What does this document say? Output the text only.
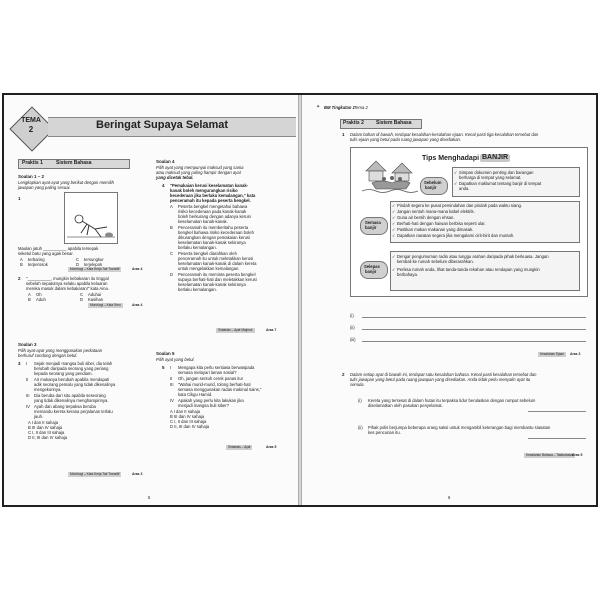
TEMA
2	Beringat Supaya Selamat
Praktis 1	Sistem Bahasa
Soalan 1 – 2
Lengkapkan ayat-ayat yang berikut dengan memilih
jawapan yang paling sesuai.
1
Maulan jatuh __________ apabila tersepak
seketul batu yang agak besar.
A terbaring	C tersungkur
B terperosok	D terjelepok
Morfologi – Kata Kerja Tak Transitif	Aras 4
2 "__________, mungkin kebakaran itu tinggal
sebelah sepatutnya selaku apabila keluaran
mereka masuk dalam kebakaran!" kata Aina.
A Oh	C Aduhai
B Aduh	D Kasihan
Morfologi – Kata Seru	Aras 4
Soalan 3
Pilih ayat-ayat yang menggunakan perkataan
berhuruf condong dengan betul.
3 I Sejak menjadi mangsa buli siber, dia telah
berubah daripada seorang yang periang
kepada seorang yang pendiam.
II Air mukanya berubah apabila mendapati
adik seorang pemalu yang tidak dikenalinya
mengekorinya.
III Dia beruba dari situ apabila seseorang
yang tidak dikenalinya menghampirinya.
IV Ayah dan abang terpaksa beruba
memandu kereta kerana perjalanan terlalu
jauh.
A I dan II sahaja
B III dan IV sahaja
C I, II dan III sahaja
D II, III dan IV sahaja
Morfologi – Kata Kerja Tak Transitif	Aras 3
Soalan 4
Pilih ayat yang mempunyai maksud yang sama
atau maksud yang paling hampir dengan ayat
yang dicetak tebal.
4 "Pemakaian kerusi keselamatan kanak-
kanak boleh mengurangkan risiko
kecederaan jika berlaku kemalangan," kata
penceramah itu kepada peserta bengkel.
A Peserta bengkel mengetahui bahawa
risiko kecederaan pada kanak-kanak
boleh berkurang dengan adanya kerusi
keselamatan kanak-kanak.
B Penceramah itu memberitahu peserta
bengkel bahawa risiko kecederaan boleh
dikurangkan dengan pemakaian kerusi
keselamatan kanak-kanak sekiranya
berlaku kemalangan.
C Peserta bengkel diarahkan oleh
penceramah itu untuk meletakkan kerusi
keselamatan kanak-kanak di dalam kereta
untuk mengelakkan kemalangan.
D Penceramah itu meminta peserta bengkel
supaya berhati-hati dan meletakkan kerusi
keselamatan kanak-kanak sekiranya
berlaku kemalangan.
Sintaksis – Ayat Majmuk	Aras 7
Soalan 5
Pilih ayat yang betul.
5 I Mengapa kita perlu sentiasa berwaspada
semasa melayari laman sosial?
II Oh, jangan sentuh cerek panas itu!
III "Wahai murid-murid, tolong berhati-hati
semasa menggunakan radas makmal sains,"
kata Cikgu Hamid.
IV Apakah yang perlu kita lakukan jika
menjadi mangsa buli siber?
A I dan II sahaja
B III dan IV sahaja
C I, II dan III sahaja
D II, III dan IV sahaja
Sintaksis – Ayat	Aras 5
5
✦ BM Tingkatan 1 Tema 2
Praktis 2 Sistem Bahasa
1 Dalam bahan di bawah, terdapat kesalahan-kesalahan ejaan. Kenal pasti tiga kesalahan tersebut dan
tulis ejaan yang betul pada ruang jawapan yang disediakan.
Tips Menghadapi BANJIR
Sebelum
banjir
✓ Simpan dokumen penting dan barangan
berharga di tempat yang selamat.
✓ Dapatkan maklumat tentang banjir di tempat
anda.
Semasa
banjir
✓ Pindah segera ke pusat pemindahan dan pindah pada waktu siang.
✓ Jangan sentuh mana-mana kabel elektrik.
✓ Guna air bersih dengan ehsan.
✓ Berhati-hati dengan haiwan berbisa seperti ular.
✓ Pastikan makan makanan yang dimasak.
✓ Dapatkan rawatan segera jika mengalami cirit-birit dan muntah.
Selepas
banjir
✓ Dengar pengumuman radio atau tunggu arahan daripada pihak berkuasa. Jangan
kembali ke rumah sebelum diberarahkan.
✓ Periksa rumah anda, lihat tanda-tanda rekahan atau rendapan yang mungkin
berbahaya.
(i)
(ii)
(iii)
Kesalahan Ejaan	Aras 3
2 Dalam setiap ayat di bawah ini, terdapat satu kesalahan bahasa. Kenal pasti kesalahan tersebut dan
tulis jawapan yang betul pada ruang jawapan yang disediakan. Anda tidak perlu menyalin ayat itu
semula.
(i) Kereta yang tersesat di dalam hutan itu terpaksa tidur berulaskan dengan rumput sebelum
diselamatkan oleh pasukan penyelamat.
(ii) Pihak polis berjumpa beberapa orang saksi untuk mengambil keterangan bagi membantu siasatan
kes pencurian itu.
Kesalahan Bahasa – Tatabahasa Aras 5
6
